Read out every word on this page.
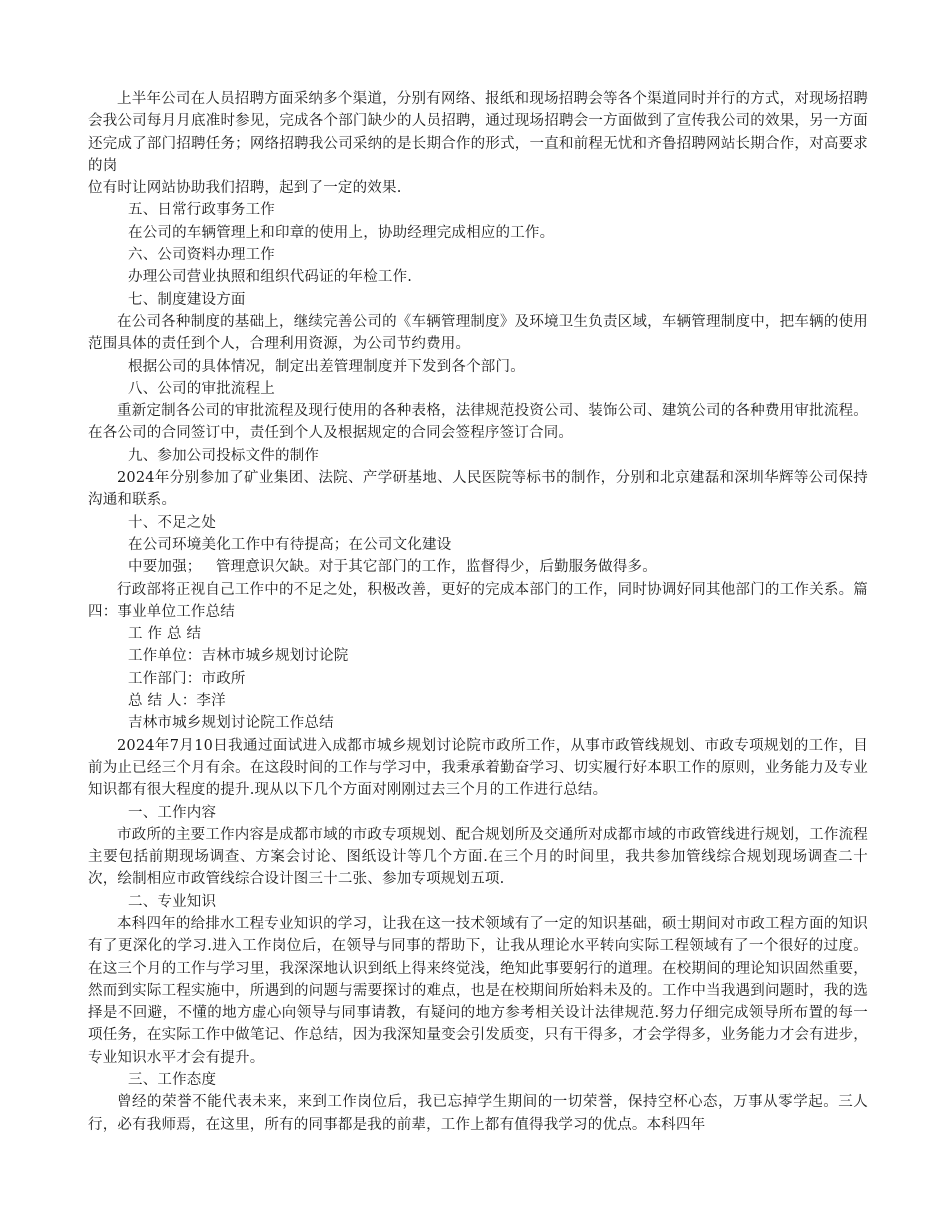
上半年公司在人员招聘方面采纳多个渠道，分别有网络、报纸和现场招聘会等各个渠道同时并行的方式，对现场招聘会我公司每月月底准时参见，完成各个部门缺少的人员招聘，通过现场招聘会一方面做到了宣传我公司的效果，另一方面还完成了部门招聘任务；网络招聘我公司采纳的是长期合作的形式，一直和前程无忧和齐鲁招聘网站长期合作，对高要求的岗

位有时让网站协助我们招聘，起到了一定的效果.

五、日常行政事务工作

在公司的车辆管理上和印章的使用上，协助经理完成相应的工作。

六、公司资料办理工作

办理公司营业执照和组织代码证的年检工作.

七、制度建设方面

在公司各种制度的基础上，继续完善公司的《车辆管理制度》及环境卫生负责区域，车辆管理制度中，把车辆的使用范围具体的责任到个人，合理利用资源，为公司节约费用。

根据公司的具体情况，制定出差管理制度并下发到各个部门。

八、公司的审批流程上

重新定制各公司的审批流程及现行使用的各种表格，法律规范投资公司、装饰公司、建筑公司的各种费用审批流程。在各公司的合同签订中，责任到个人及根据规定的合同会签程序签订合同。

九、参加公司投标文件的制作

2024年分别参加了矿业集团、法院、产学研基地、人民医院等标书的制作，分别和北京建磊和深圳华辉等公司保持沟通和联系。

十、不足之处

在公司环境美化工作中有待提高；在公司文化建设

中要加强；   管理意识欠缺。对于其它部门的工作，监督得少，后勤服务做得多。

行政部将正视自己工作中的不足之处，积极改善，更好的完成本部门的工作，同时协调好同其他部门的工作关系。篇四：事业单位工作总结

工 作 总 结

工作单位：吉林市城乡规划讨论院

工作部门：市政所

总 结 人：李洋

吉林市城乡规划讨论院工作总结

2024年7月10日我通过面试进入成都市城乡规划讨论院市政所工作，从事市政管线规划、市政专项规划的工作，目前为止已经三个月有余。在这段时间的工作与学习中，我秉承着勤奋学习、切实履行好本职工作的原则，业务能力及专业知识都有很大程度的提升.现从以下几个方面对刚刚过去三个月的工作进行总结。

一、工作内容

市政所的主要工作内容是成都市域的市政专项规划、配合规划所及交通所对成都市域的市政管线进行规划，工作流程主要包括前期现场调查、方案会讨论、图纸设计等几个方面.在三个月的时间里，我共参加管线综合规划现场调查二十次，绘制相应市政管线综合设计图三十二张、参加专项规划五项.

二、专业知识

本科四年的给排水工程专业知识的学习，让我在这一技术领域有了一定的知识基础，硕士期间对市政工程方面的知识有了更深化的学习.进入工作岗位后，在领导与同事的帮助下，让我从理论水平转向实际工程领域有了一个很好的过度。在这三个月的工作与学习里，我深深地认识到纸上得来终觉浅，绝知此事要躬行的道理。在校期间的理论知识固然重要，然而到实际工程实施中，所遇到的问题与需要探讨的难点，也是在校期间所始料未及的。工作中当我遇到问题时，我的选择是不回避，不懂的地方虚心向领导与同事请教，有疑问的地方参考相关设计法律规范.努力仔细完成领导所布置的每一项任务，在实际工作中做笔记、作总结，因为我深知量变会引发质变，只有干得多，才会学得多，业务能力才会有进步，专业知识水平才会有提升。

三、工作态度

曾经的荣誉不能代表未来，来到工作岗位后，我已忘掉学生期间的一切荣誉，保持空杯心态，万事从零学起。三人行，必有我师焉，在这里，所有的同事都是我的前辈，工作上都有值得我学习的优点。本科四年
